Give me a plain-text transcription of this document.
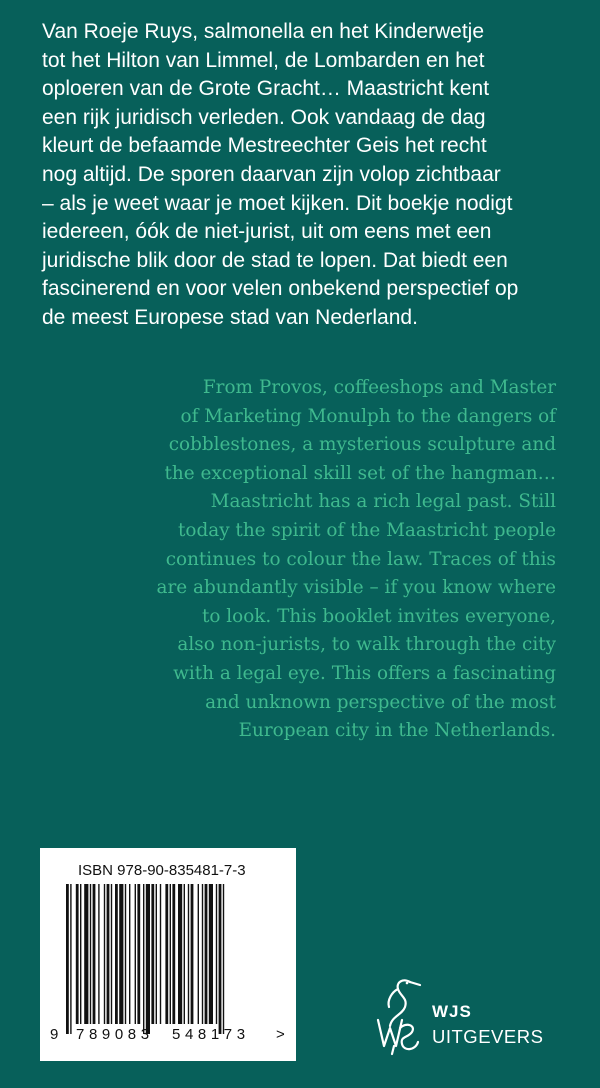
Van Roeje Ruys, salmonella en het Kinderwetje
tot het Hilton van Limmel, de Lombarden en het
oploeren van de Grote Gracht… Maastricht kent
een rijk juridisch verleden. Ook vandaag de dag
kleurt de befaamde Mestreechter Geis het recht
nog altijd. De sporen daarvan zijn volop zichtbaar
– als je weet waar je moet kijken. Dit boekje nodigt
iedereen, óók de niet-jurist, uit om eens met een
juridische blik door de stad te lopen. Dat biedt een
fascinerend en voor velen onbekend perspectief op
de meest Europese stad van Nederland.

From Provos, coffeeshops and Master
of Marketing Monulph to the dangers of
cobblestones, a mysterious sculpture and
the exceptional skill set of the hangman…
Maastricht has a rich legal past. Still
today the spirit of the Maastricht people
continues to colour the law. Traces of this
are abundantly visible – if you know where
to look. This booklet invites everyone,
also non-jurists, to walk through the city
with a legal eye. This offers a fascinating
and unknown perspective of the most
European city in the Netherlands.

ISBN 978-90-835481-7-3

9 789083 548173 >
WJS
UITGEVERS
